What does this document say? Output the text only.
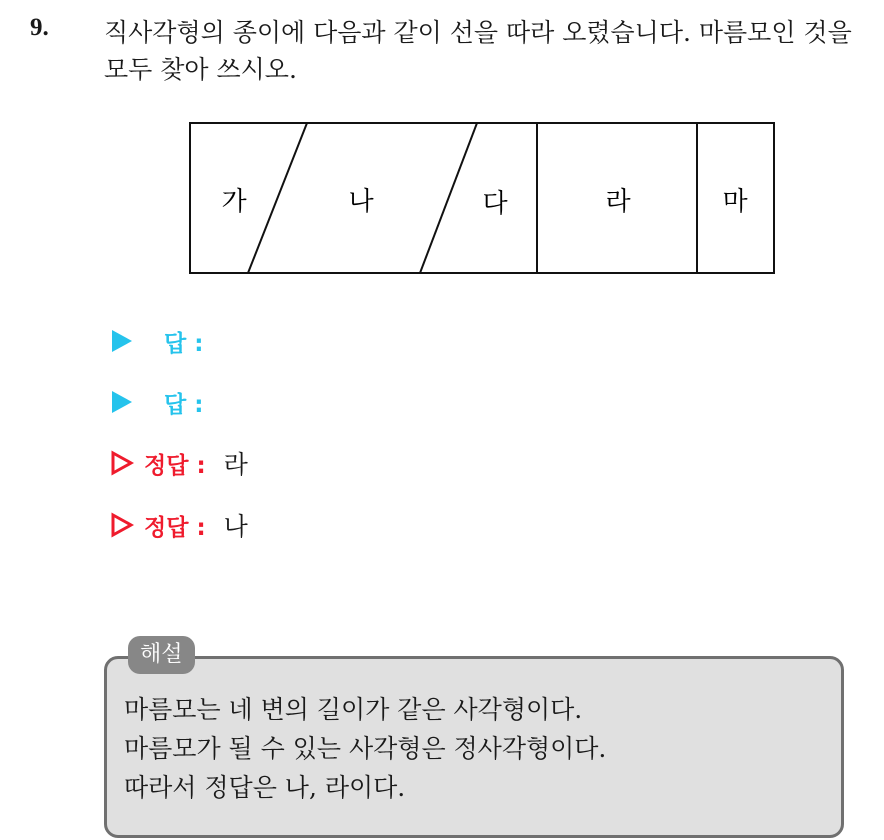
9. 직사각형의 종이에 다음과 같이 선을 따라 오렸습니다. 마름모인 것을 모두 찾아 쓰시오.
가	나	다	라	마
답 :
답 :
정답 : 라
정답 : 나
해설
마름모는 네 변의 길이가 같은 사각형이다.
마름모가 될 수 있는 사각형은 정사각형이다.
따라서 정답은 나, 라이다.
